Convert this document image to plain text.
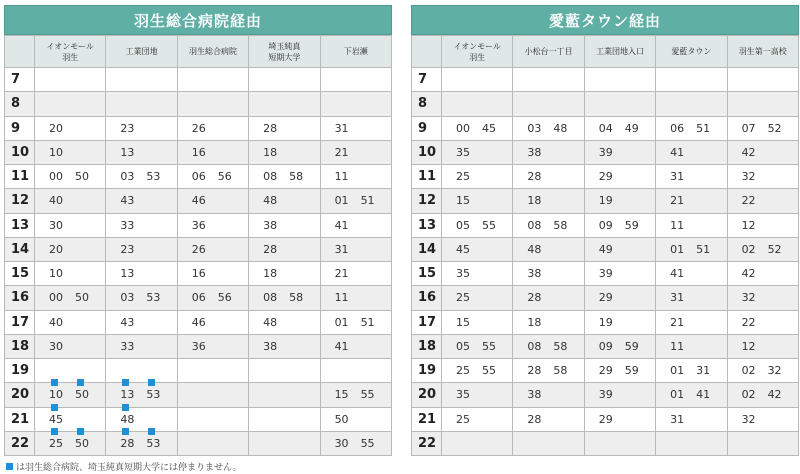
羽生総合病院経由
	イオンモール
羽生	工業団地	羽生総合病院	埼玉純真
短期大学	下岩瀬
7					
8					
9	20	23	26	28	31
10	10	13	16	18	21
11	00 50	03 53	06 56	08 58	11
12	40	43	46	48	01 51
13	30	33	36	38	41
14	20	23	26	28	31
15	10	13	16	18	21
16	00 50	03 53	06 56	08 58	11
17	40	43	46	48	01 51
18	30	33	36	38	41
19					
20	10 50	13 53			15 55
21	45	48			50
22	25 50	28 53			30 55
愛藍タウン経由
	イオンモール
羽生	小松台一丁目	工業団地入口	愛藍タウン	羽生第一高校
7					
8					
9	00 45	03 48	04 49	06 51	07 52
10	35	38	39	41	42
11	25	28	29	31	32
12	15	18	19	21	22
13	05 55	08 58	09 59	11	12
14	45	48	49	01 51	02 52
15	35	38	39	41	42
16	25	28	29	31	32
17	15	18	19	21	22
18	05 55	08 58	09 59	11	12
19	25 55	28 58	29 59	01 31	02 32
20	35	38	39	01 41	02 42
21	25	28	29	31	32
22					
は羽生総合病院、埼玉純真短期大学には停まりません。
